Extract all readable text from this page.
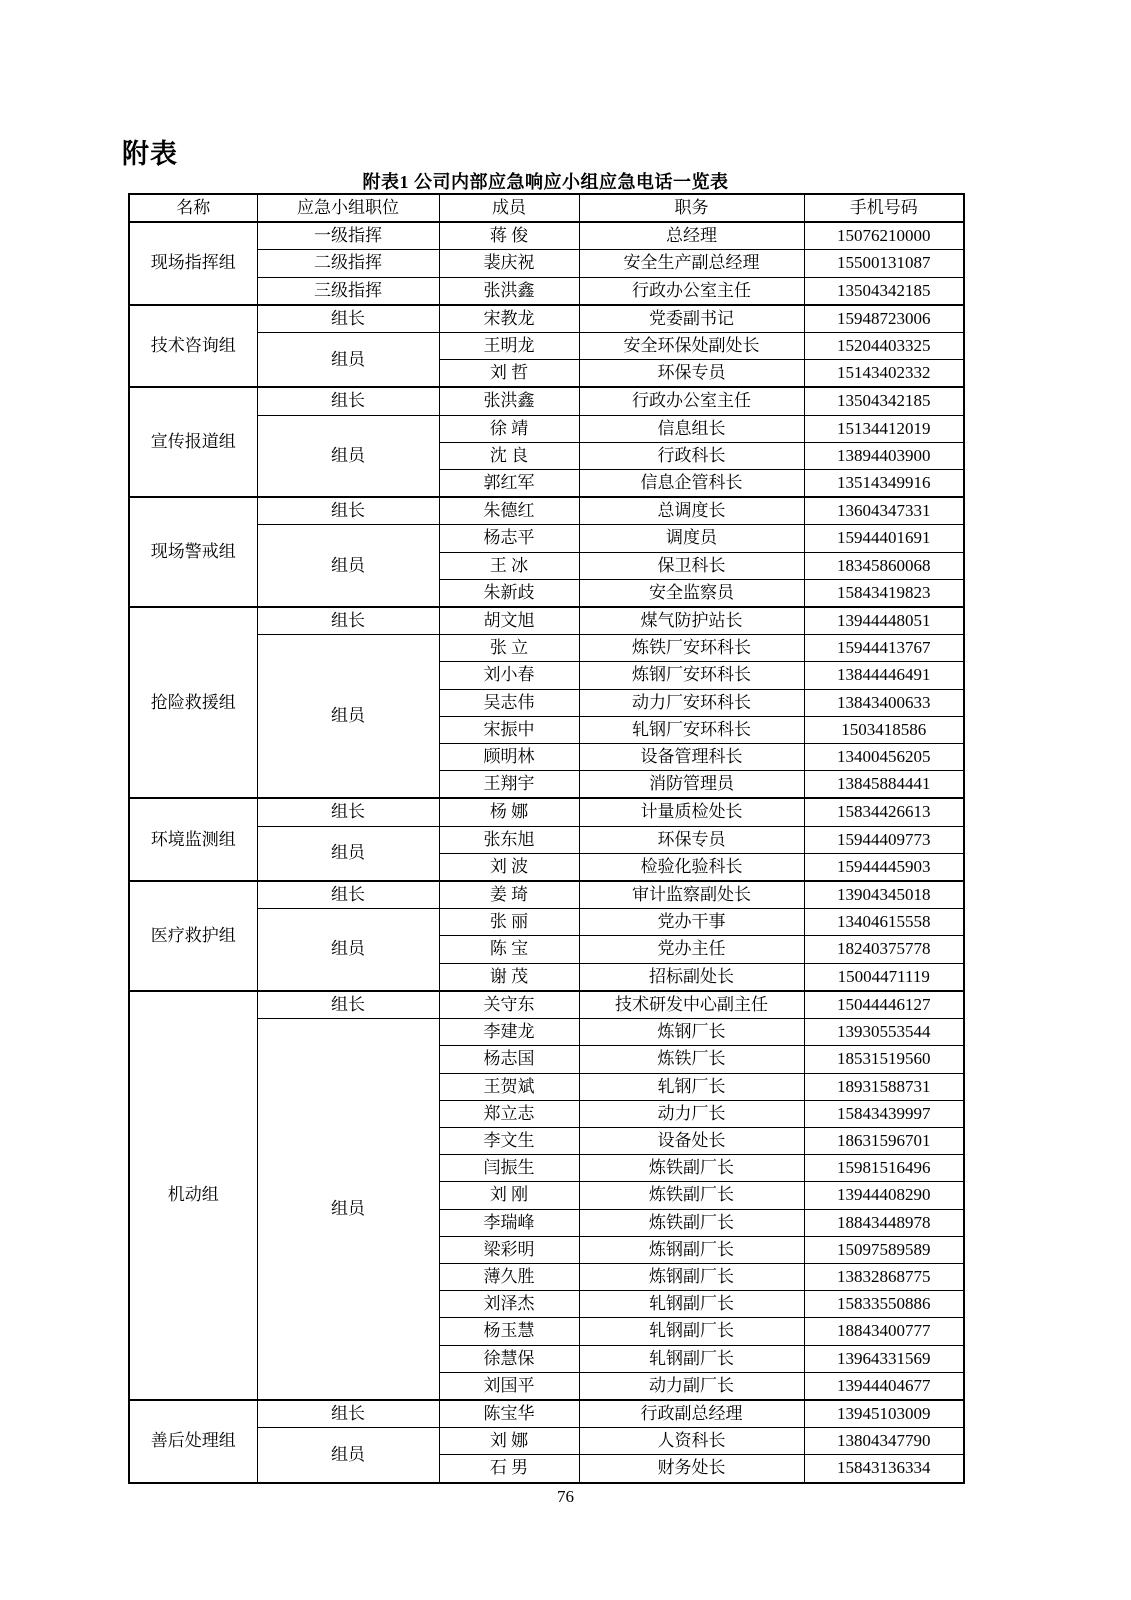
附表
附表1 公司内部应急响应小组应急电话一览表
名称	应急小组职位	成员	职务	手机号码
现场指挥组	一级指挥	蒋 俊	总经理	15076210000
	二级指挥	裴庆祝	安全生产副总经理	15500131087
	三级指挥	张洪鑫	行政办公室主任	13504342185
技术咨询组	组长	宋教龙	党委副书记	15948723006
	组员	王明龙	安全环保处副处长	15204403325
		刘 哲	环保专员	15143402332
宣传报道组	组长	张洪鑫	行政办公室主任	13504342185
	组员	徐 靖	信息组长	15134412019
		沈 良	行政科长	13894403900
		郭红军	信息企管科长	13514349916
现场警戒组	组长	朱德红	总调度长	13604347331
	组员	杨志平	调度员	15944401691
		王 冰	保卫科长	18345860068
		朱新歧	安全监察员	15843419823
抢险救援组	组长	胡文旭	煤气防护站长	13944448051
	组员	张 立	炼铁厂安环科长	15944413767
		刘小春	炼钢厂安环科长	13844446491
		吴志伟	动力厂安环科长	13843400633
		宋振中	轧钢厂安环科长	1503418586
		顾明林	设备管理科长	13400456205
		王翔宇	消防管理员	13845884441
环境监测组	组长	杨 娜	计量质检处长	15834426613
	组员	张东旭	环保专员	15944409773
		刘 波	检验化验科长	15944445903
医疗救护组	组长	姜 琦	审计监察副处长	13904345018
	组员	张 丽	党办干事	13404615558
		陈 宝	党办主任	18240375778
		谢 茂	招标副处长	15004471119
机动组	组长	关守东	技术研发中心副主任	15044446127
	组员	李建龙	炼钢厂长	13930553544
		杨志国	炼铁厂长	18531519560
		王贺斌	轧钢厂长	18931588731
		郑立志	动力厂长	15843439997
		李文生	设备处长	18631596701
		闫振生	炼铁副厂长	15981516496
		刘 刚	炼铁副厂长	13944408290
		李瑞峰	炼铁副厂长	18843448978
		梁彩明	炼钢副厂长	15097589589
		薄久胜	炼钢副厂长	13832868775
		刘泽杰	轧钢副厂长	15833550886
		杨玉慧	轧钢副厂长	18843400777
		徐慧保	轧钢副厂长	13964331569
		刘国平	动力副厂长	13944404677
善后处理组	组长	陈宝华	行政副总经理	13945103009
	组员	刘 娜	人资科长	13804347790
		石 男	财务处长	15843136334
76
